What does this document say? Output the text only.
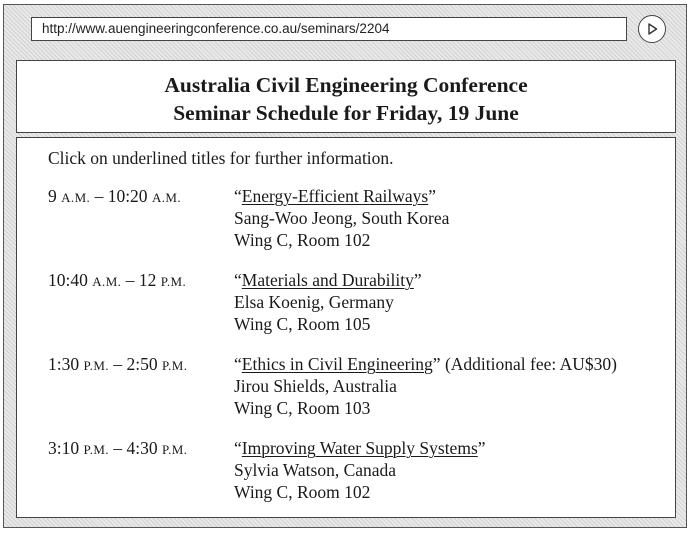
http://www.auengineeringconference.co.au/seminars/2204
Australia Civil Engineering Conference
Seminar Schedule for Friday, 19 June
Click on underlined titles for further information.
9 A.M. – 10:20 A.M.	“Energy-Efficient Railways”
Sang-Woo Jeong, South Korea
Wing C, Room 102
10:40 A.M. – 12 P.M.	“Materials and Durability”
Elsa Koenig, Germany
Wing C, Room 105
1:30 P.M. – 2:50 P.M.	“Ethics in Civil Engineering” (Additional fee: AU$30)
Jirou Shields, Australia
Wing C, Room 103
3:10 P.M. – 4:30 P.M.	“Improving Water Supply Systems”
Sylvia Watson, Canada
Wing C, Room 102
